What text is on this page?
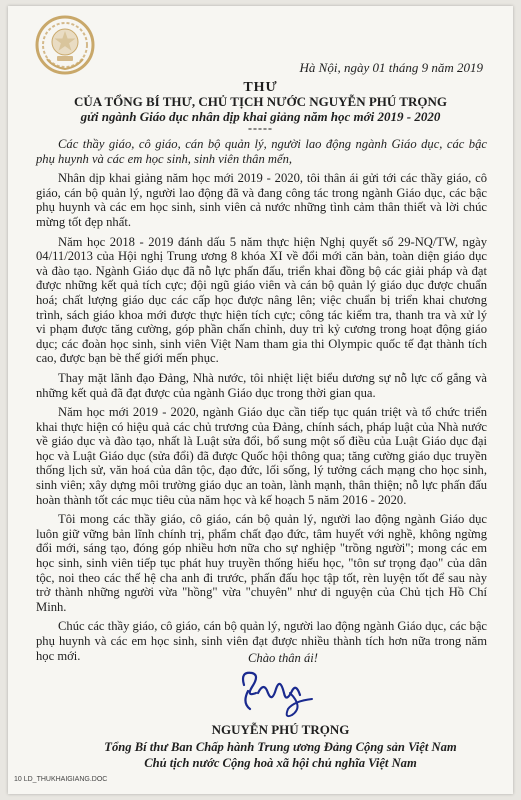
Hà Nội, ngày 01 tháng 9 năm 2019
THƯ
CỦA TỔNG BÍ THƯ, CHỦ TỊCH NƯỚC NGUYỄN PHÚ TRỌNG
gửi ngành Giáo dục nhân dịp khai giảng năm học mới 2019 - 2020
-----

Các thầy giáo, cô giáo, cán bộ quản lý, người lao động ngành Giáo dục, các bậc phụ huynh và các em học sinh, sinh viên thân mến,

Nhân dịp khai giảng năm học mới 2019 - 2020, tôi thân ái gửi tới các thầy giáo, cô giáo, cán bộ quản lý, người lao động đã và đang công tác trong ngành Giáo dục, các bậc phụ huynh và các em học sinh, sinh viên cả nước những tình cảm thân thiết và lời chúc mừng tốt đẹp nhất.

Năm học 2018 - 2019 đánh dấu 5 năm thực hiện Nghị quyết số 29-NQ/TW, ngày 04/11/2013 của Hội nghị Trung ương 8 khóa XI về đổi mới căn bản, toàn diện giáo dục và đào tạo. Ngành Giáo dục đã nỗ lực phấn đấu, triển khai đồng bộ các giải pháp và đạt được những kết quả tích cực; đội ngũ giáo viên và cán bộ quản lý giáo dục được chuẩn hoá; chất lượng giáo dục các cấp học được nâng lên; việc chuẩn bị triển khai chương trình, sách giáo khoa mới được thực hiện tích cực; công tác kiểm tra, thanh tra và xử lý vi phạm được tăng cường, góp phần chấn chỉnh, duy trì kỷ cương trong hoạt động giáo dục; các đoàn học sinh, sinh viên Việt Nam tham gia thi Olympic quốc tế đạt thành tích cao, được bạn bè thế giới mến phục.

Thay mặt lãnh đạo Đảng, Nhà nước, tôi nhiệt liệt biểu dương sự nỗ lực cố gắng và những kết quả đã đạt được của ngành Giáo dục trong thời gian qua.

Năm học mới 2019 - 2020, ngành Giáo dục cần tiếp tục quán triệt và tổ chức triển khai thực hiện có hiệu quả các chủ trương của Đảng, chính sách, pháp luật của Nhà nước về giáo dục và đào tạo, nhất là Luật sửa đổi, bổ sung một số điều của Luật Giáo dục đại học và Luật Giáo dục (sửa đổi) đã được Quốc hội thông qua; tăng cường giáo dục truyền thống lịch sử, văn hoá của dân tộc, đạo đức, lối sống, lý tưởng cách mạng cho học sinh, sinh viên; xây dựng môi trường giáo dục an toàn, lành mạnh, thân thiện; nỗ lực phấn đấu hoàn thành tốt các mục tiêu của năm học và kế hoạch 5 năm 2016 - 2020.

Tôi mong các thầy giáo, cô giáo, cán bộ quản lý, người lao động ngành Giáo dục luôn giữ vững bản lĩnh chính trị, phẩm chất đạo đức, tâm huyết với nghề, không ngừng đổi mới, sáng tạo, đóng góp nhiều hơn nữa cho sự nghiệp "trồng người"; mong các em học sinh, sinh viên tiếp tục phát huy truyền thống hiếu học, "tôn sư trọng đạo" của dân tộc, noi theo các thế hệ cha anh đi trước, phấn đấu học tập tốt, rèn luyện tốt để sau này trở thành những người vừa "hồng" vừa "chuyên" như di nguyện của Chủ tịch Hồ Chí Minh.

Chúc các thầy giáo, cô giáo, cán bộ quản lý, người lao động ngành Giáo dục, các bậc phụ huynh và các em học sinh, sinh viên đạt được nhiều thành tích hơn nữa trong năm học mới.	Chào thân ái!
NGUYỄN PHÚ TRỌNG
Tổng Bí thư Ban Chấp hành Trung ương Đảng Cộng sản Việt Nam
Chủ tịch nước Cộng hoà xã hội chủ nghĩa Việt Nam
10 LD_THUKHAIGIANG.DOC
